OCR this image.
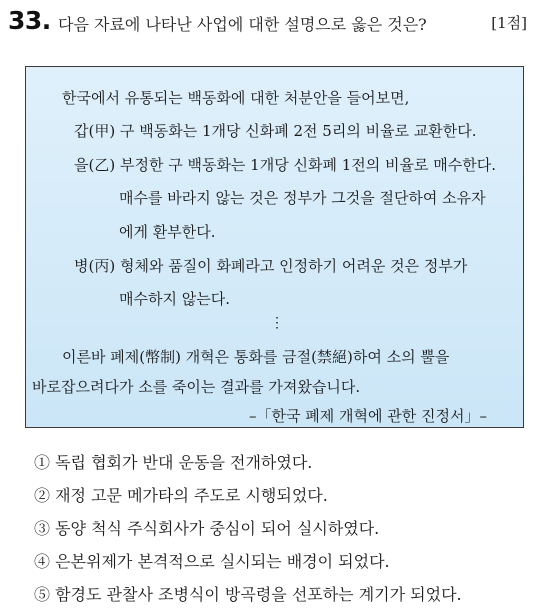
33. 다음 자료에 나타난 사업에 대한 설명으로 옳은 것은?	[1점]
한국에서 유통되는 백동화에 대한 처분안을 들어보면,
갑(甲) 구 백동화는 1개당 신화폐 2전 5리의 비율로 교환한다.
을(乙) 부정한 구 백동화는 1개당 신화폐 1전의 비율로 매수한다.
매수를 바라지 않는 것은 정부가 그것을 절단하여 소유자
에게 환부한다.
병(丙) 형체와 품질이 화폐라고 인정하기 어려운 것은 정부가
매수하지 않는다.
⋮
이른바 폐제(幣制) 개혁은 통화를 금절(禁絕)하여 소의 뿔을
바로잡으려다가 소를 죽이는 결과를 가져왔습니다.
–「한국 폐제 개혁에 관한 진정서」–
① 독립 협회가 반대 운동을 전개하였다.
② 재정 고문 메가타의 주도로 시행되었다.
③ 동양 척식 주식회사가 중심이 되어 실시하였다.
④ 은본위제가 본격적으로 실시되는 배경이 되었다.
⑤ 함경도 관찰사 조병식이 방곡령을 선포하는 계기가 되었다.
